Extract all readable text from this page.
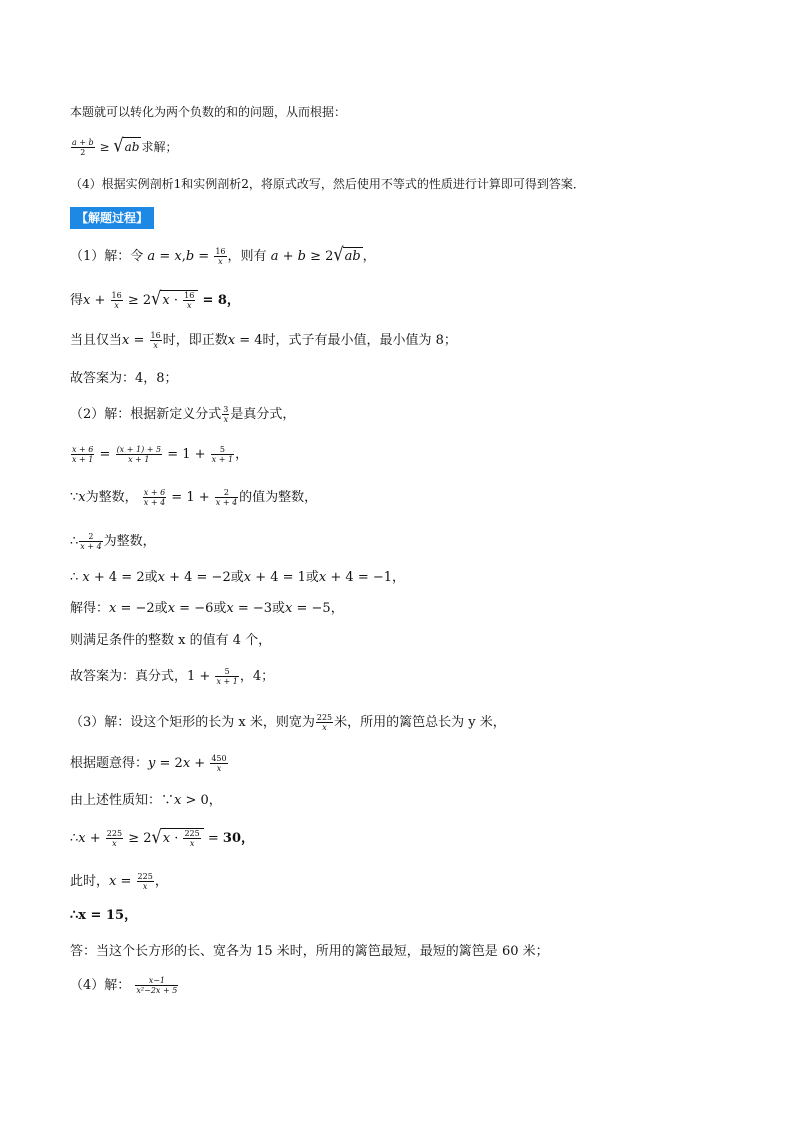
本题就可以转化为两个负数的和的问题，从而根据：
$\frac{a + b}{2} \ge √ab$ 求解；
（4）根据实例剖析1和实例剖析2，将原式改写，然后使用不等式的性质进行计算即可得到答案．
【解题过程】
（1）解：令 $a = x,b = \frac{16}{x}$ ，则有 a + b ≥ 2√ab ，
得$x + \frac{16}{x} \ge 2√x \cdot \frac{16}{x} = 8$，
当且仅当$x = \frac{16}{x}$ 时，即正数x = 4时，式子有最小值，最小值为 8；
故答案为：4，8；
（2）解：根据新定义分式 $\frac{3}{x}$ 是真分式，
$\frac{x + 6}{x + 1} = \frac{(x + 1) + 5}{x + 1} = 1 + \frac{5}{x + 1}$ ，
∵x为整数， $\frac{x + 6}{x + 4} = 1 + \frac{2}{x + 4}$ 的值为整数，
∴ $\frac{2}{x + 4}$ 为整数，
∴ x + 4 = 2或x + 4 = −2或x + 4 = 1或x + 4 = −1，
解得：x = −2或x = −6或x = −3或x = −5，
则满足条件的整数 x 的值有 4 个，
故答案为：真分式，$1 + \frac{5}{x + 1}$ ，4；
（3）解：设这个矩形的长为 x 米，则宽为 $\frac{225}{x}$ 米，所用的篱笆总长为 y 米，
根据题意得：$y = 2x + \frac{450}{x}$
由上述性质知：∵x > 0，
∴x + $\frac{225}{x} \ge 2√x \cdot \frac{225}{x} = 30$，
此时，$x = \frac{225}{x}$ ，
∴x = 15，
答：当这个长方形的长、宽各为 15 米时，所用的篱笆最短，最短的篱笆是 60 米；
（4）解： $\frac{x-1}{\text{x²−2x + 5}}$
